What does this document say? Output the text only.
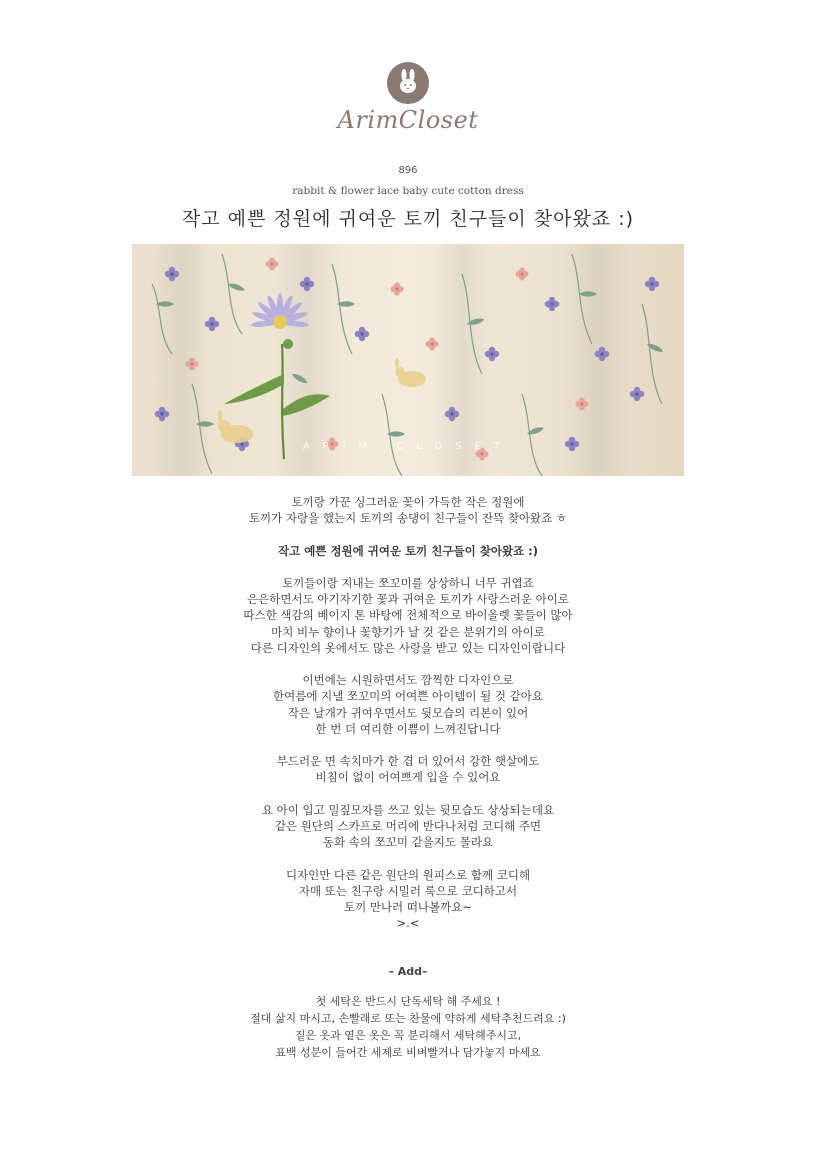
ArimCloset
896
rabbit & flower lace baby cute cotton dress
작고 예쁜 정원에 귀여운 토끼 친구들이 찾아왔죠 :)
ARIM CLOSET

토끼랑 가꾼 싱그러운 꽃이 가득한 작은 정원에
토끼가 자랑을 했는지 토끼의 송댕이 친구들이 잔뜩 찾아왔죠 ㅎ

작고 예쁜 정원에 귀여운 토끼 친구들이 찾아왔죠 :)

토끼들이랑 지내는 쪼꼬미를 상상하니 너무 귀엽죠
은은하면서도 아기자기한 꽃과 귀여운 토끼가 사랑스러운 아이로
따스한 색감의 베이지 톤 바탕에 전체적으로 바이올렛 꽃들이 많아
마치 비누 향이나 꽃향기가 날 것 같은 분위기의 아이로
다른 디자인의 옷에서도 많은 사랑을 받고 있는 디자인이랍니다

이번에는 시원하면서도 깜찍한 디자인으로
한여름에 지낼 쪼꼬미의 어여쁜 아이템이 될 것 같아요
작은 날개가 귀여우면서도 뒷모습의 리본이 있어
한 번 더 여리한 이쁨이 느껴진답니다

부드러운 면 속치마가 한 겹 더 있어서 강한 햇살에도
비침이 없이 어여쁘게 입을 수 있어요

요 아이 입고 밀짚모자를 쓰고 있는 뒷모습도 상상되는데요
같은 원단의 스카프로 머리에 반다나처럼 코디해 주면
동화 속의 쪼꼬미 같을지도 몰라요

디자인만 다른 같은 원단의 원피스로 함께 코디해
자매 또는 친구랑 시밀러 룩으로 코디하고서
토끼 만나러 떠나볼까요~
>.<

– Add–
첫 세탁은 반드시 단독세탁 해 주세요 !
절대 삶지 마시고, 손빨래로 또는 찬물에 약하게 세탁추천드려요 :)
짙은 옷과 옅은 옷은 꼭 분리해서 세탁해주시고,
표백 성분이 들어간 세제로 비벼빨거나 담가놓지 마세요
